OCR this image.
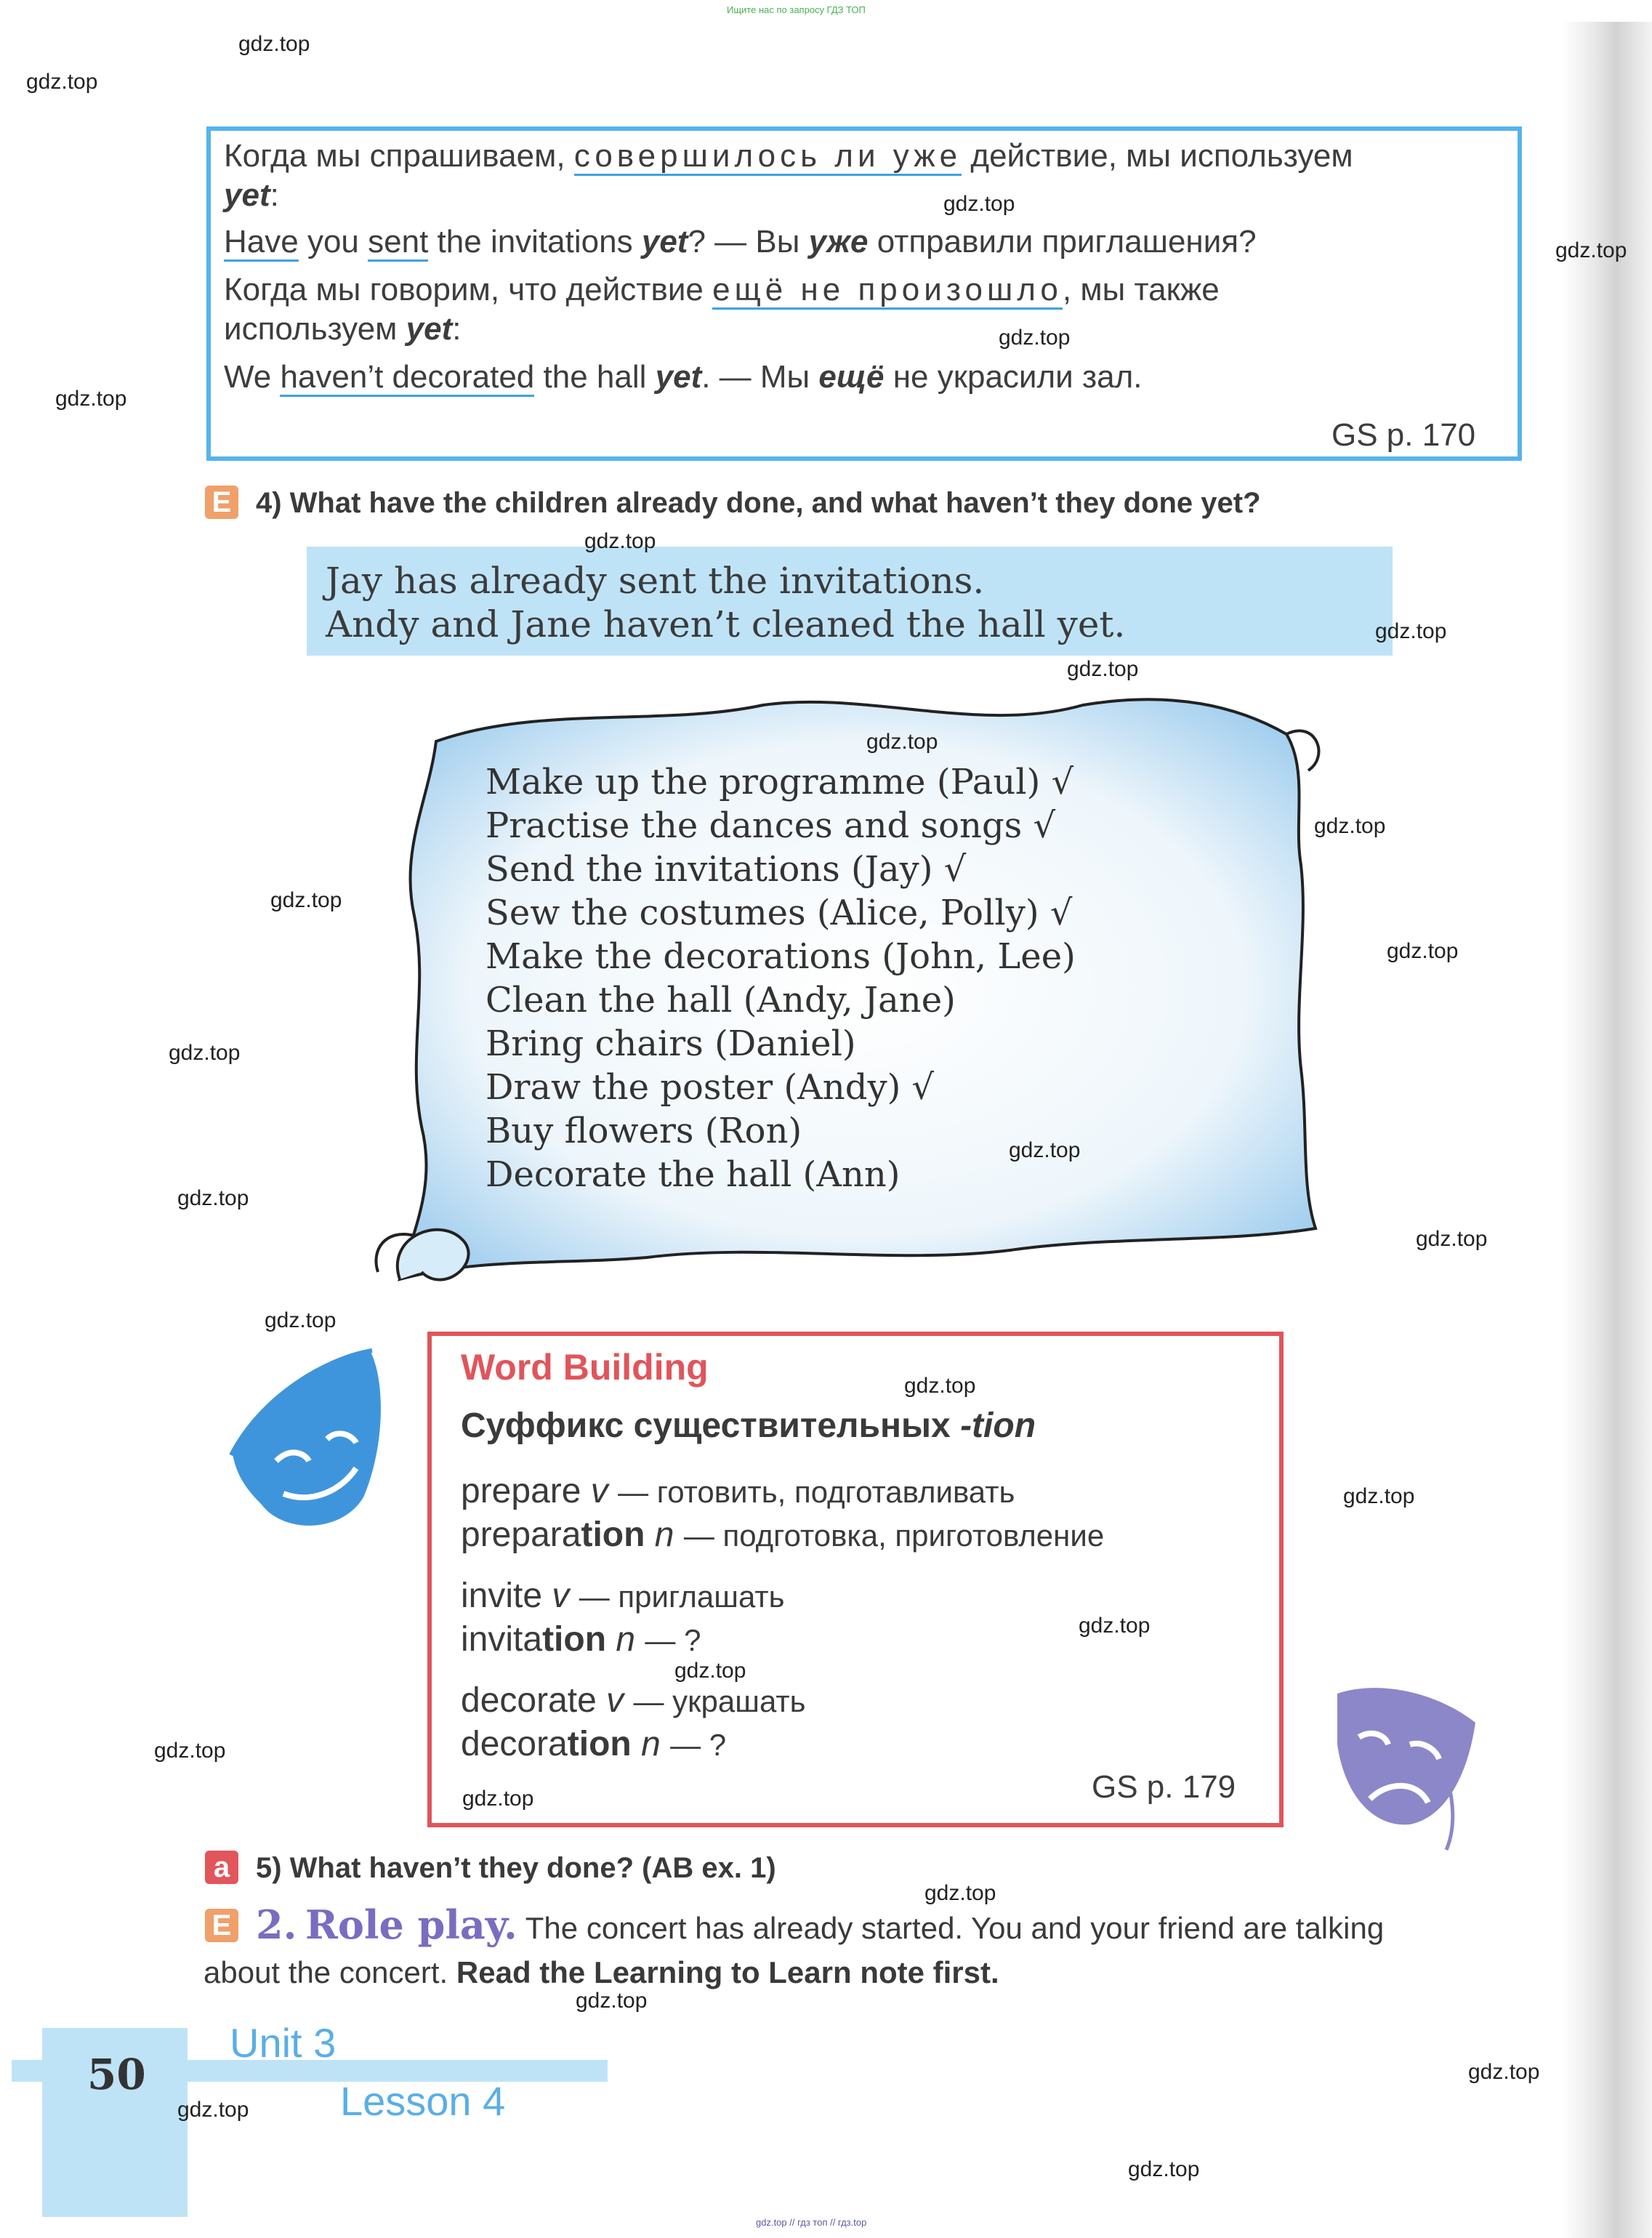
Ищите нас по запросу ГДЗ ТОП
Когда мы спрашиваем, совершилось ли уже действие, мы используем
yet:
Have you sent the invitations yet? — Вы уже отправили приглашения?
Когда мы говорим, что действие ещё не произошло, мы также
используем yet:
We haven’t decorated the hall yet. — Мы ещё не украсили зал.
GS p. 170
E 4) What have the children already done, and what haven’t they done yet?
Jay has already sent the invitations.
Andy and Jane haven’t cleaned the hall yet.
Make up the programme (Paul) √
Practise the dances and songs √
Send the invitations (Jay) √
Sew the costumes (Alice, Polly) √
Make the decorations (John, Lee)
Clean the hall (Andy, Jane)
Bring chairs (Daniel)
Draw the poster (Andy) √
Buy flowers (Ron)
Decorate the hall (Ann)
Word Building
Суффикс существительных -tion
prepare v — готовить, подготавливать
preparation n — подготовка, приготовление
invite v — приглашать
invitation n — ?
decorate v — украшать
decoration n — ?
GS p. 179
a 5) What haven’t they done? (AB ex. 1)
E 2. Role play. The concert has already started. You and your friend are talking
about the concert. Read the Learning to Learn note first.
50
Unit 3
Lesson 4
gdz.top // гдз топ // гдз.top
gdz.top
gdz.top
gdz.top
gdz.top
gdz.top
gdz.top
gdz.top
gdz.top
gdz.top
gdz.top
gdz.top
gdz.top
gdz.top
gdz.top
gdz.top
gdz.top
gdz.top
gdz.top
gdz.top
gdz.top
gdz.top
gdz.top
gdz.top
gdz.top
gdz.top
gdz.top
gdz.top
gdz.top
gdz.top
